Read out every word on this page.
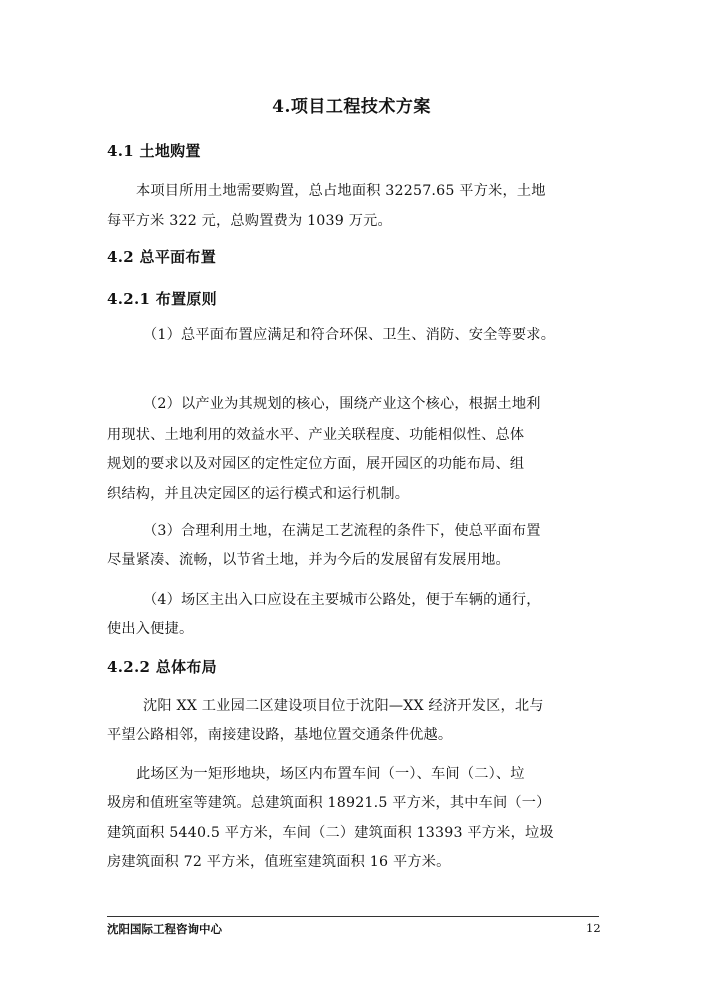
4.项目工程技术方案
4.1 土地购置
本项目所用土地需要购置，总占地面积 32257.65 平方米，土地
每平方米 322 元，总购置费为 1039 万元。
4.2 总平面布置
4.2.1 布置原则
（1）总平面布置应满足和符合环保、卫生、消防、安全等要求。
（2）以产业为其规划的核心，围绕产业这个核心，根据土地利
用现状、土地利用的效益水平、产业关联程度、功能相似性、总体
规划的要求以及对园区的定性定位方面，展开园区的功能布局、组
织结构，并且决定园区的运行模式和运行机制。
（3）合理利用土地，在满足工艺流程的条件下，使总平面布置
尽量紧凑、流畅，以节省土地，并为今后的发展留有发展用地。
（4）场区主出入口应设在主要城市公路处，便于车辆的通行，
使出入便捷。
4.2.2 总体布局
沈阳 XX 工业园二区建设项目位于沈阳—XX 经济开发区，北与
平望公路相邻，南接建设路，基地位置交通条件优越。
此场区为一矩形地块，场区内布置车间（一）、车间（二）、垃
圾房和值班室等建筑。总建筑面积 18921.5 平方米，其中车间（一）
建筑面积 5440.5 平方米，车间（二）建筑面积 13393 平方米，垃圾
房建筑面积 72 平方米，值班室建筑面积 16 平方米。
沈阳国际工程咨询中心	12
